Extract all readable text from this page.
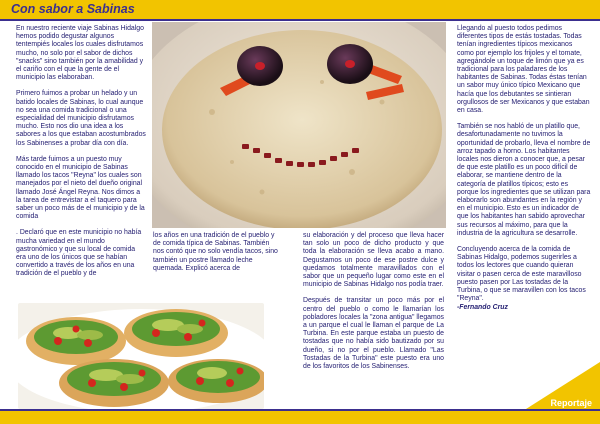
Con sabor a Sabinas

En nuestro reciente viaje Sabinas Hidalgo hemos podido degustar algunos tentempiés locales los cuales disfrutamos mucho, no solo por el sabor de dichos "snacks" sino también por la amabilidad y el cariño con el que la gente de el municipio las elaboraban.

Primero fuimos a probar un helado y un batido locales de Sabinas, lo cual aunque no sea una comida tradicional o una especialidad del municipio disfrutamos mucho. Esto nos dio una idea a los sabores a los que estaban acostumbrados los Sabinenses a probar día con día.

Más tarde fuimos a un puesto muy conocido en el municipio de Sabinas llamado los tacos "Reyna" los cuales son manejados por el nieto del dueño original llamado José Ángel Reyna. Nos dimos a la tarea de entrevistar a el taquero para saber un poco más de el municipio y de la comida

. Declaró que en este municipio no había mucha variedad en el mundo gastronómico y que su local de comida era uno de los únicos que se habían convertido a través de los años en una tradición de el pueblo y de

los años en una tradición de el pueblo y de comida típica de Sabinas. También nos contó que no solo vendía tacos, sino también un postre llamado leche quemada. Explicó acerca de

su elaboración y del proceso que lleva hacer tan solo un poco de dicho producto y que toda la elaboración se lleva acabo a mano. Degustamos un poco de ese postre dulce y quedamos totalmente maravillados con el sabor que un pequeño lugar como este en el municipio de Sabinas Hidalgo nos podía traer.

Después de transitar un poco más por el centro del pueblo o como le llamarían los pobladores locales la "zona antigua" llegamos a un parque el cual le llaman el parque de La Turbina. En este parque estaba un puesto de tostadas que no había sido bautizado por su dueño, si no por el pueblo. Llamado "Las Tostadas de la Turbina" este puesto era uno de los favoritos de los Sabinenses.

Llegando al puesto todos pedimos diferentes tipos de estás tostadas. Todas tenían ingredientes típicos mexicanos como por ejemplo los frijoles y el tomate, agregándole un toque de limón que ya es tradicional para los paladares de los habitantes de Sabinas. Todas éstas tenían un sabor muy único típico Mexicano que hacía que los debutantes se sintieran orgullosos de ser Mexicanos y que estaban en casa.

También se nos habló de un platillo que, desafortunadamente no tuvimos la oportunidad de probarlo, lleva el nombre de arroz tapado a horno. Los habitantes locales nos dieron a conocer que, a pesar de que este platillo es un poco difícil de elaborar, se mantiene dentro de la categoría de platillos típicos; esto es porque los ingredientes que se utilizan para elaborarlo son abundantes en la región y en el municipio. Esto es un indicador de que los habitantes han sabido aprovechar sus recursos al máximo, para que la industria de la agricultura se desarrolle.

Concluyendo acerca de la comida de Sabinas Hidalgo, podemos sugerirles a todos los lectores que cuando quieran visitar o pasen cerca de este maravilloso puesto pasen por Las tostadas de la Turbina, o que se maravillen con los tacos "Reyna".

-Fernando Cruz
Reportaje
